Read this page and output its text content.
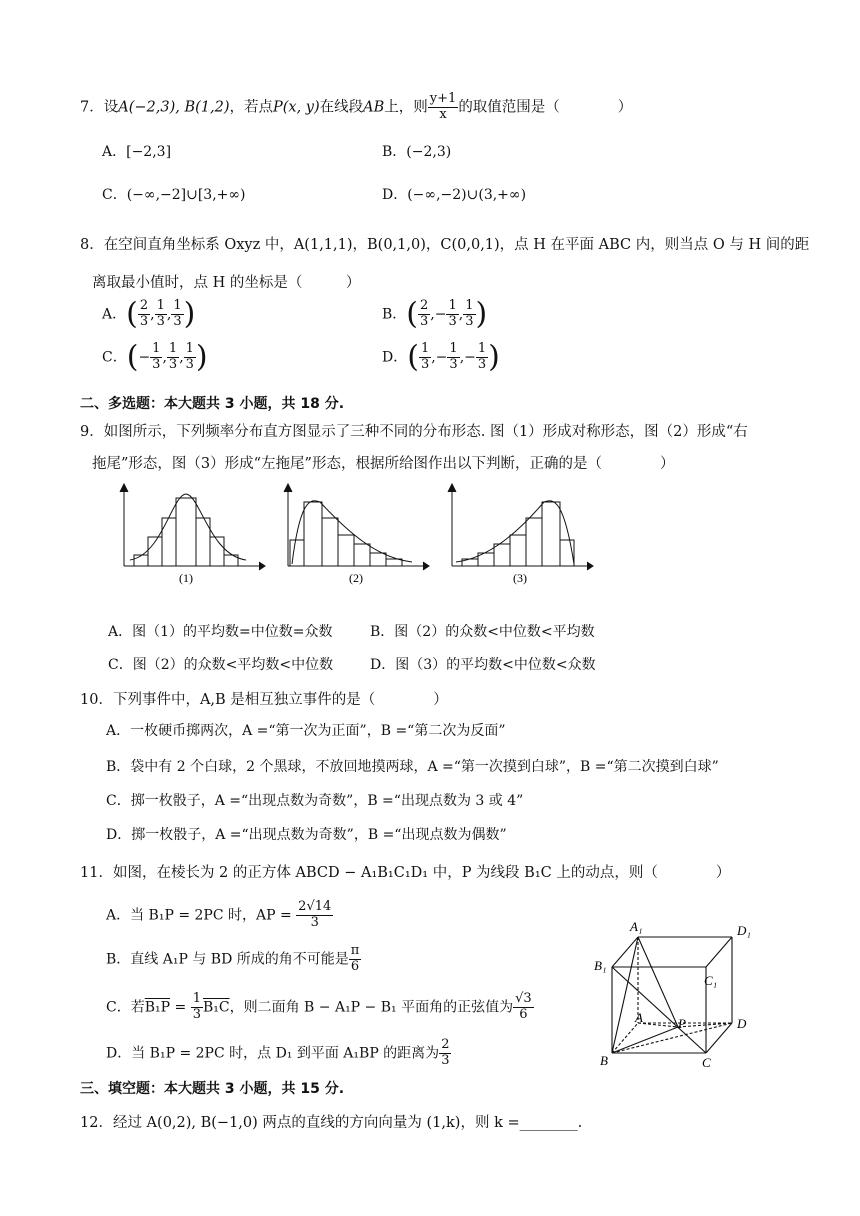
7．设A(−2,3), B(1,2)，若点P(x, y)在线段AB上，则 $\frac{y+1}{x}$ 的取值范围是（　　　　）
A．[−2,3]	B．(−2,3)
C．(−∞,−2]∪[3,+∞)	D．(−∞,−2)∪(3,+∞)
8．在空间直角坐标系 Oxyz 中，A(1,1,1)，B(0,1,0)，C(0,0,1)，点 H 在平面 ABC 内，则当点 O 与 H 间的距
离取最小值时，点 H 的坐标是（　　　）
A．( $\frac{2}{3}$ , $\frac{1}{3}$ , $\frac{1}{3}$ )	B．( $\frac{2}{3}$ ,− $\frac{1}{3}$ , $\frac{1}{3}$ )
C．(− $\frac{1}{3}$ , $\frac{1}{3}$ , $\frac{1}{3}$ )	D．( $\frac{1}{3}$ ,− $\frac{1}{3}$ ,− $\frac{1}{3}$ )
二、多选题：本大题共 3 小题，共 18 分.
9．如图所示，下列频率分布直方图显示了三种不同的分布形态. 图（1）形成对称形态，图（2）形成“右
拖尾”形态，图（3）形成“左拖尾”形态，根据所给图作出以下判断，正确的是（　　　　）
(1)	(2)	(3)
A．图（1）的平均数=中位数=众数	B．图（2）的众数<中位数<平均数
C．图（2）的众数<平均数<中位数	D．图（3）的平均数<中位数<众数
10．下列事件中，A,B 是相互独立事件的是（　　　　）
A．一枚硬币掷两次，A =“第一次为正面”，B =“第二次为反面”
B．袋中有 2 个白球，2 个黑球，不放回地摸两球，A =“第一次摸到白球”，B =“第二次摸到白球”
C．掷一枚骰子，A =“出现点数为奇数”，B =“出现点数为 3 或 4”
D．掷一枚骰子，A =“出现点数为奇数”，B =“出现点数为偶数”
11．如图，在棱长为 2 的正方体 ABCD − A₁B₁C₁D₁ 中，P 为线段 B₁C 上的动点，则（　　　　）
A．当 B₁P = 2PC 时，AP = $\frac{2√14}{3}$
B．直线 A₁P 与 BD 所成的角不可能是 $\frac{\pi}{6}$
C．若$B_1P = \frac{1}{3} B_1C$，则二面角 B − A₁P − B₁ 平面角的正弦值为 $\frac{√3}{6}$
D．当 B₁P = 2PC 时，点 D₁ 到平面 A₁BP 的距离为 $\frac{2}{3}$
A₁	D₁
B₁
C₁
A	P	D
B	C
三、填空题：本大题共 3 小题，共 15 分.
12．经过 A(0,2), B(−1,0) 两点的直线的方向向量为 (1,k)，则 k =________.
